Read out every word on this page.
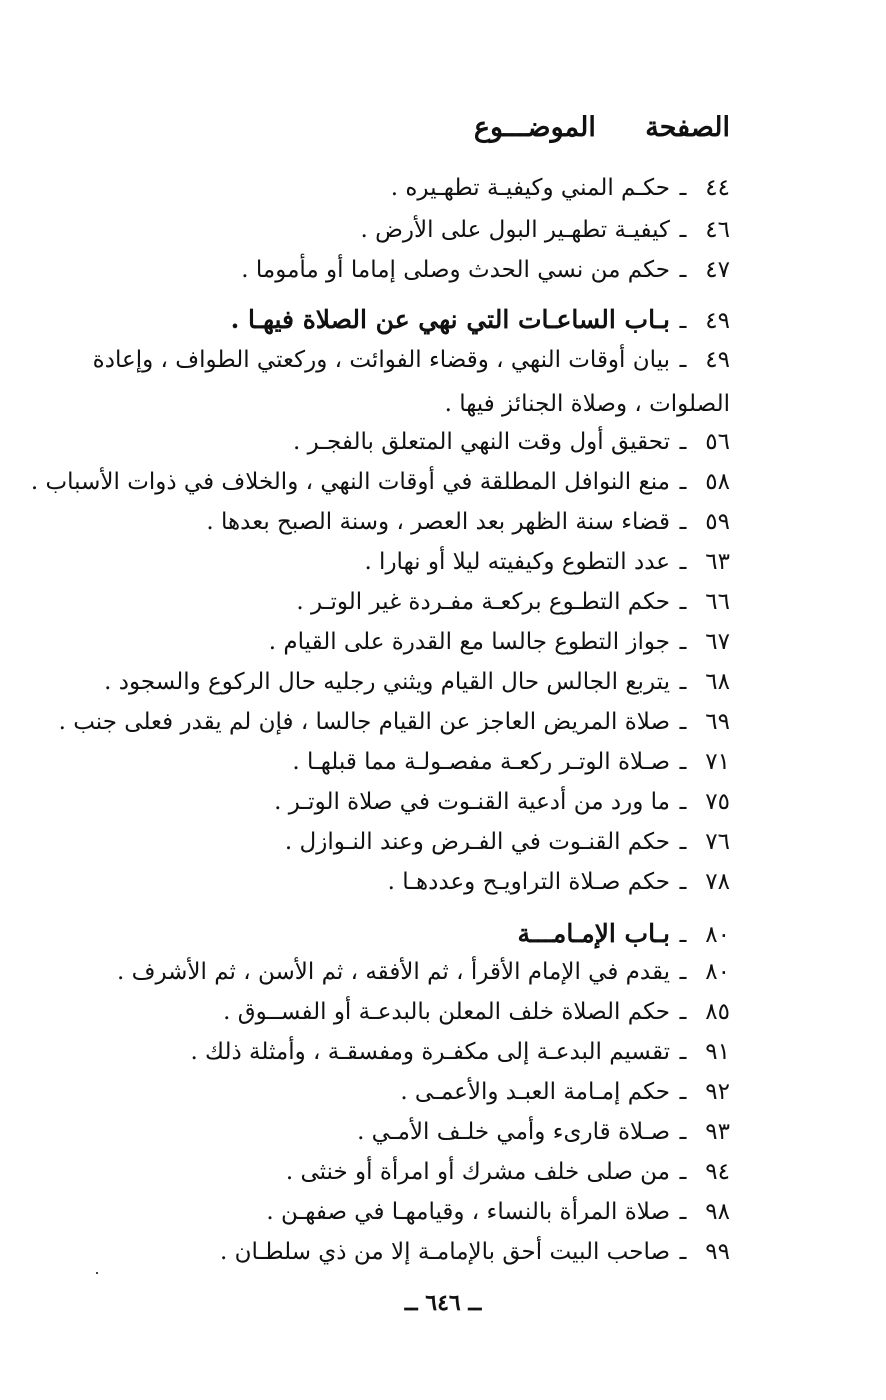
الصفحة الموضـــوع
٤٤ـحكـم المني وكيفيـة تطهـيره .
٤٦ـكيفيـة تطهـير البول على الأرض .
٤٧ـحكم من نسي الحدث وصلى إماما أو مأموما .
٤٩ـبـاب الساعـات التي نهي عن الصلاة فيهـا .
٤٩ـبيان أوقات النهي ، وقضاء الفوائت ، وركعتي الطواف ، وإعادة الصلوات ، وصلاة الجنائز فيها .
٥٦ـتحقيق أول وقت النهي المتعلق بالفجـر .
٥٨ـمنع النوافل المطلقة في أوقات النهي ، والخلاف في ذوات الأسباب .
٥٩ـقضاء سنة الظهر بعد العصر ، وسنة الصبح بعدها .
٦٣ـعدد التطوع وكيفيته ليلا أو نهارا .
٦٦ـحكم التطـوع بركعـة مفـردة غير الوتـر .
٦٧ـجواز التطوع جالسا مع القدرة على القيام .
٦٨ـيتربع الجالس حال القيام ويثني رجليه حال الركوع والسجود .
٦٩ـصلاة المريض العاجز عن القيام جالسا ، فإن لم يقدر فعلى جنب .
٧١ـصـلاة الوتـر ركعـة مفصـولـة مما قبلهـا .
٧٥ـما ورد من أدعية القنـوت في صلاة الوتـر .
٧٦ـحكم القنـوت في الفـرض وعند النـوازل .
٧٨ـحكم صـلاة التراويـح وعددهـا .
٨٠ـبـاب الإمـامـــة
٨٠ـيقدم في الإمام الأقرأ ، ثم الأفقه ، ثم الأسن ، ثم الأشرف .
٨٥ـحكم الصلاة خلف المعلن بالبدعـة أو الفســوق .
٩١ـتقسيم البدعـة إلى مكفـرة ومفسقـة ، وأمثلة ذلك .
٩٢ـحكم إمـامة العبـد والأعمـى .
٩٣ـصـلاة قارىء وأمي خلـف الأمـي .
٩٤ـمن صلى خلف مشرك أو امرأة أو خنثى .
٩٨ـصلاة المرأة بالنساء ، وقيامهـا في صفهـن .
٩٩ـصاحب البيت أحق بالإمامـة إلا من ذي سلطـان .
ــ ٦٤٦ ــ
